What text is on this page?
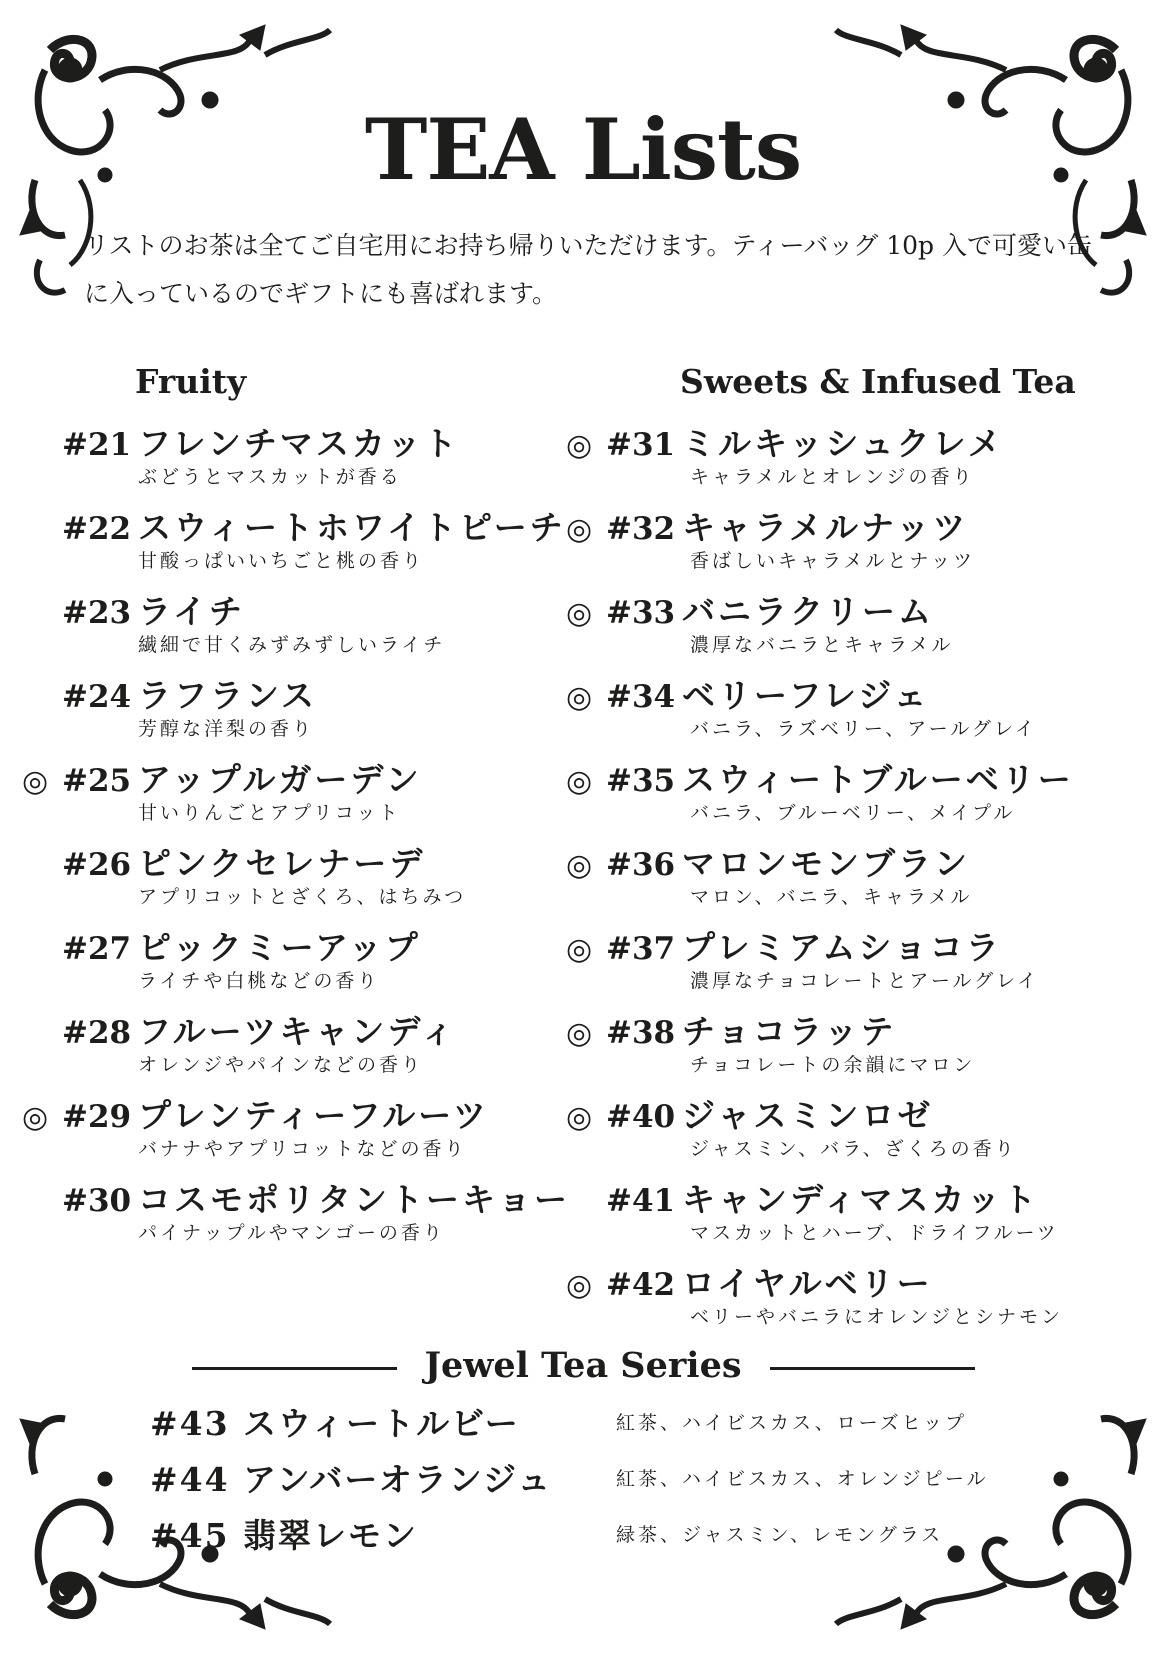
TEA Lists

リストのお茶は全てご自宅用にお持ち帰りいただけます。ティーバッグ 10p 入で可愛い缶に入っているのでギフトにも喜ばれます。

Fruity	Sweets & Infused Tea
#21 フレンチマスカット
ぶどうとマスカットが香る
#22 スウィートホワイトピーチ
甘酸っぱいいちごと桃の香り
#23 ライチ
繊細で甘くみずみずしいライチ
#24 ラフランス
芳醇な洋梨の香り
◎ #25 アップルガーデン
甘いりんごとアプリコット
#26 ピンクセレナーデ
アプリコットとざくろ、はちみつ
#27 ピックミーアップ
ライチや白桃などの香り
#28 フルーツキャンディ
オレンジやパインなどの香り
◎ #29 プレンティーフルーツ
バナナやアプリコットなどの香り
#30 コスモポリタントーキョー
パイナップルやマンゴーの香り
◎ #31 ミルキッシュクレメ
キャラメルとオレンジの香り
◎ #32 キャラメルナッツ
香ばしいキャラメルとナッツ
◎ #33 バニラクリーム
濃厚なバニラとキャラメル
◎ #34 ベリーフレジェ
バニラ、ラズベリー、アールグレイ
◎ #35 スウィートブルーベリー
バニラ、ブルーベリー、メイプル
◎ #36 マロンモンブラン
マロン、バニラ、キャラメル
◎ #37 プレミアムショコラ
濃厚なチョコレートとアールグレイ
◎ #38 チョコラッテ
チョコレートの余韻にマロン
◎ #40 ジャスミンロゼ
ジャスミン、バラ、ざくろの香り
#41 キャンディマスカット
マスカットとハーブ、ドライフルーツ
◎ #42 ロイヤルベリー
ベリーやバニラにオレンジとシナモン
Jewel Tea Series
#43 スウィートルビー	紅茶、ハイビスカス、ローズヒップ
#44 アンバーオランジュ	紅茶、ハイビスカス、オレンジピール
#45 翡翠レモン	緑茶、ジャスミン、レモングラス
